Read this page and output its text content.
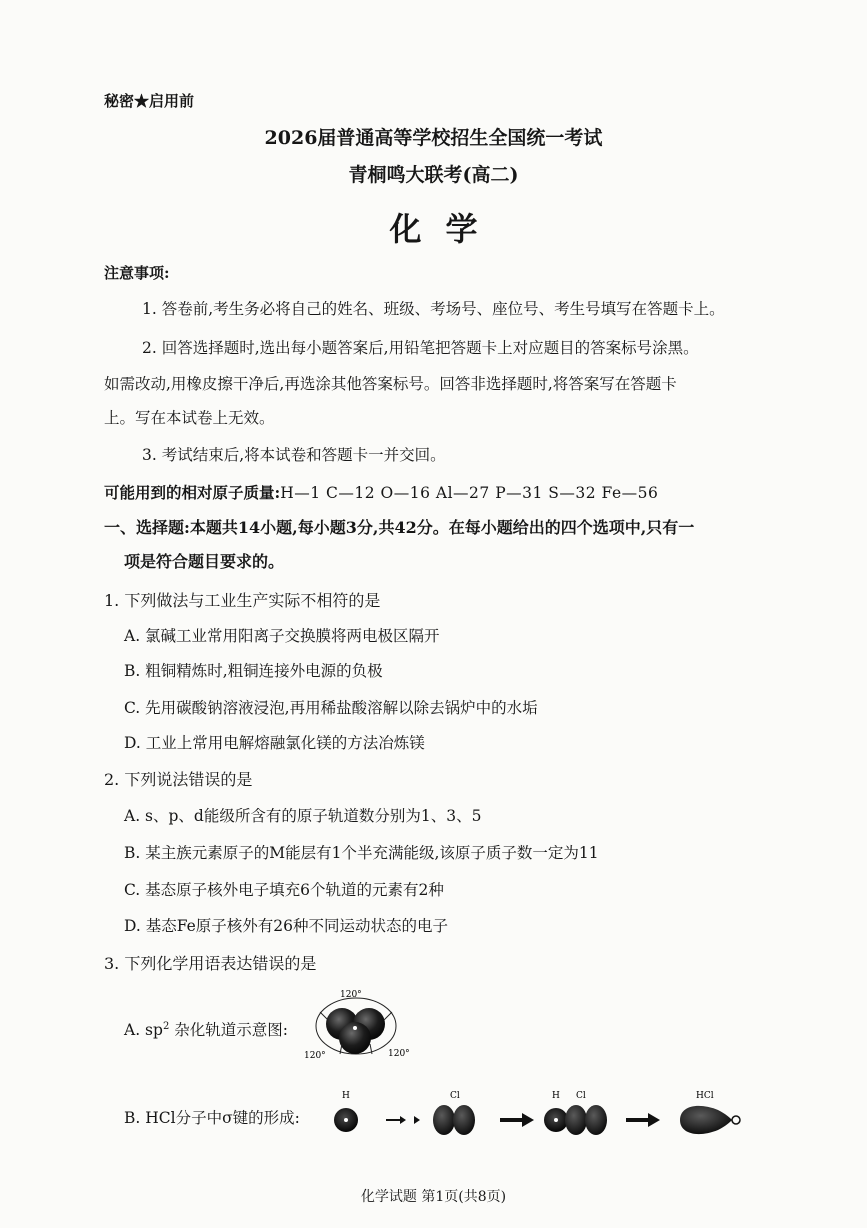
秘密★启用前
2026届普通高等学校招生全国统一考试
青桐鸣大联考(高二)
化学
注意事项:
1. 答卷前,考生务必将自己的姓名、班级、考场号、座位号、考生号填写在答题卡上。
2. 回答选择题时,选出每小题答案后,用铅笔把答题卡上对应题目的答案标号涂黑。
如需改动,用橡皮擦干净后,再选涂其他答案标号。回答非选择题时,将答案写在答题卡
上。写在本试卷上无效。
3. 考试结束后,将本试卷和答题卡一并交回。
可能用到的相对原子质量:H—1 C—12 O—16 Al—27 P—31 S—32 Fe—56
一、选择题:本题共14小题,每小题3分,共42分。在每小题给出的四个选项中,只有一
项是符合题目要求的。
1. 下列做法与工业生产实际不相符的是
A. 氯碱工业常用阳离子交换膜将两电极区隔开
B. 粗铜精炼时,粗铜连接外电源的负极
C. 先用碳酸钠溶液浸泡,再用稀盐酸溶解以除去锅炉中的水垢
D. 工业上常用电解熔融氯化镁的方法冶炼镁
2. 下列说法错误的是
A. s、p、d能级所含有的原子轨道数分别为1、3、5
B. 某主族元素原子的M能层有1个半充满能级,该原子质子数一定为11
C. 基态原子核外电子填充6个轨道的元素有2种
D. 基态Fe原子核外有26种不同运动状态的电子
3. 下列化学用语表达错误的是
A. $sp^2$ 杂化轨道示意图:
120°
120°	120°
B. HCl分子中σ键的形成:
H	Cl	H Cl	HCl
化学试题 第1页(共8页)
